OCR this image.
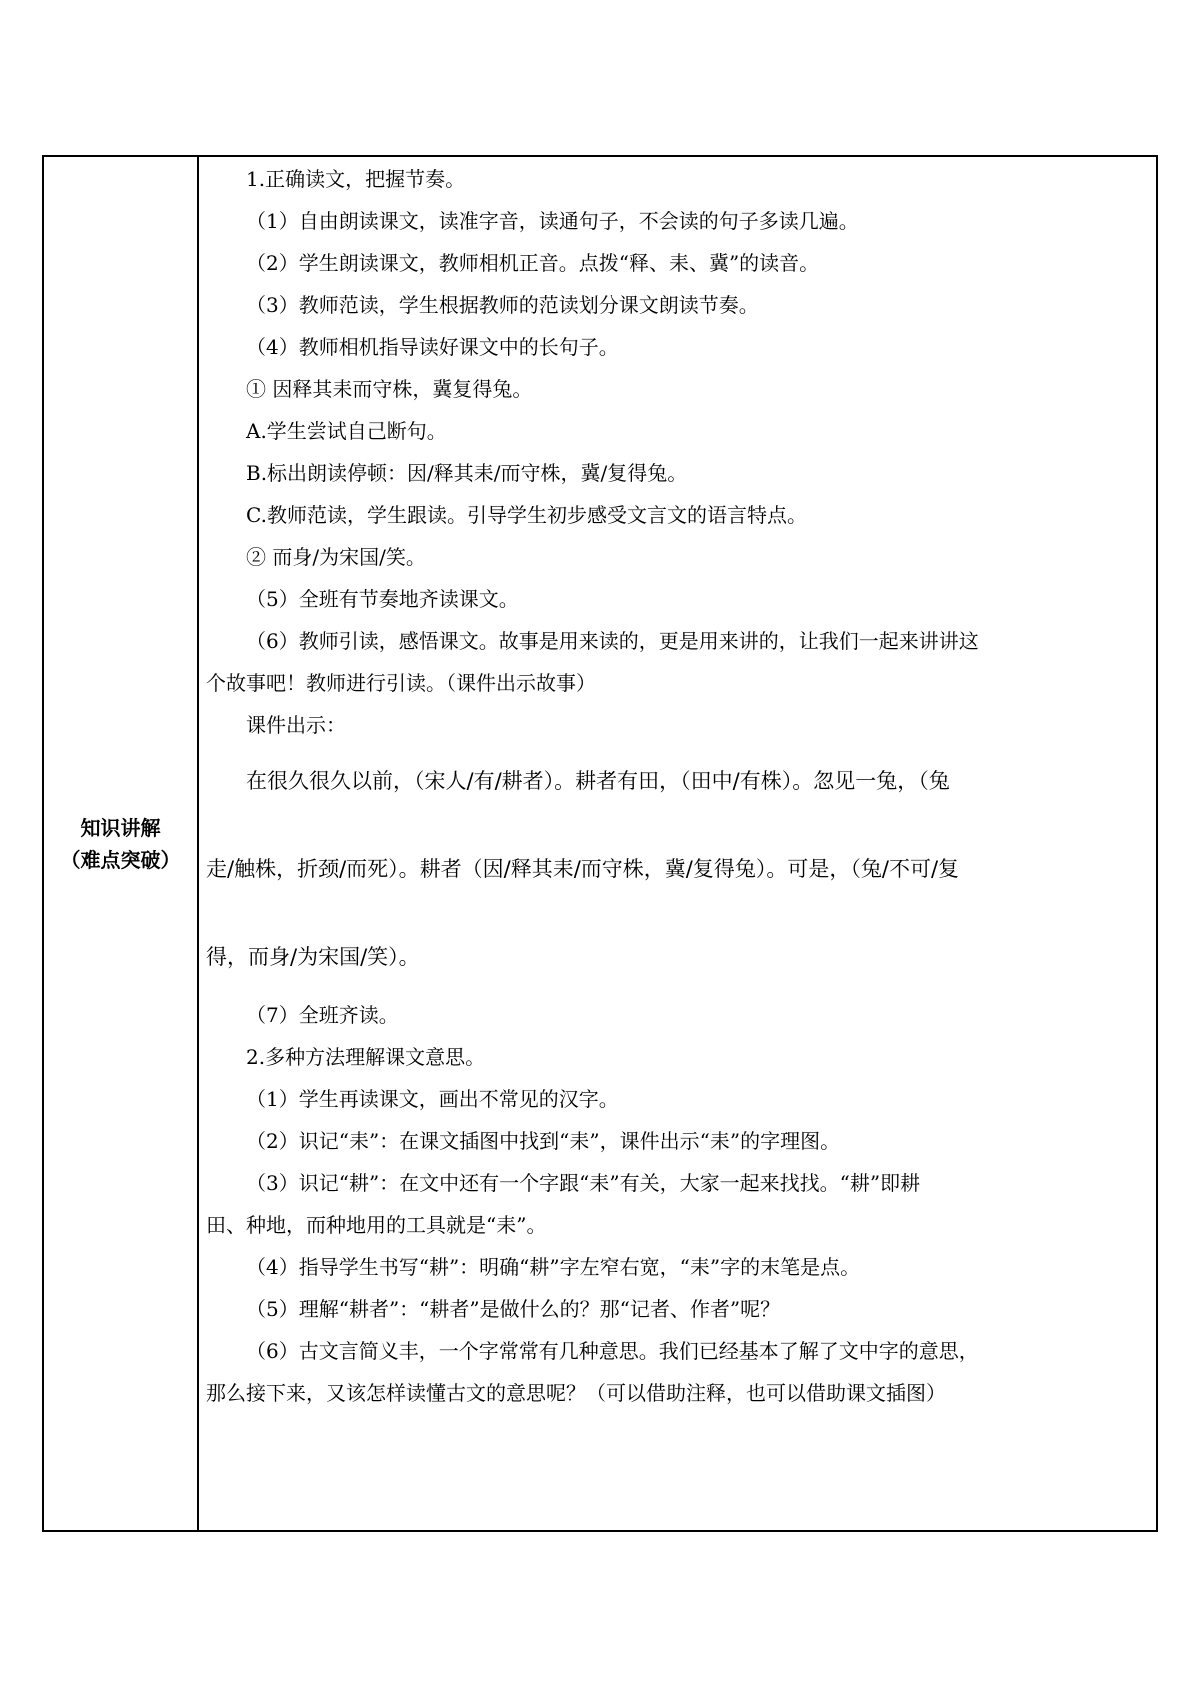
知识讲解
（难点突破）
1.正确读文，把握节奏。
（1）自由朗读课文，读准字音，读通句子，不会读的句子多读几遍。
（2）学生朗读课文，教师相机正音。点拨“释、耒、冀”的读音。
（3）教师范读，学生根据教师的范读划分课文朗读节奏。
（4）教师相机指导读好课文中的长句子。
① 因释其耒而守株，冀复得兔。
A.学生尝试自己断句。
B.标出朗读停顿：因/释其耒/而守株，冀/复得兔。
C.教师范读，学生跟读。引导学生初步感受文言文的语言特点。
② 而身/为宋国/笑。
（5）全班有节奏地齐读课文。
（6）教师引读，感悟课文。故事是用来读的，更是用来讲的，让我们一起来讲讲这
个故事吧！教师进行引读。（课件出示故事）
课件出示：
在很久很久以前，（宋人/有/耕者）。耕者有田，（田中/有株）。忽见一兔，（兔
走/触株，折颈/而死）。耕者（因/释其耒/而守株，冀/复得兔）。可是，（兔/不可/复
得，而身/为宋国/笑）。
（7）全班齐读。
2.多种方法理解课文意思。
（1）学生再读课文，画出不常见的汉字。
（2）识记“耒”：在课文插图中找到“耒”，课件出示“耒”的字理图。
（3）识记“耕”：在文中还有一个字跟“耒”有关，大家一起来找找。“耕”即耕
田、种地，而种地用的工具就是“耒”。
（4）指导学生书写“耕”：明确“耕”字左窄右宽，“耒”字的末笔是点。
（5）理解“耕者”：“耕者”是做什么的？那“记者、作者”呢？
（6）古文言简义丰，一个字常常有几种意思。我们已经基本了解了文中字的意思，
那么接下来，又该怎样读懂古文的意思呢？（可以借助注释，也可以借助课文插图）
